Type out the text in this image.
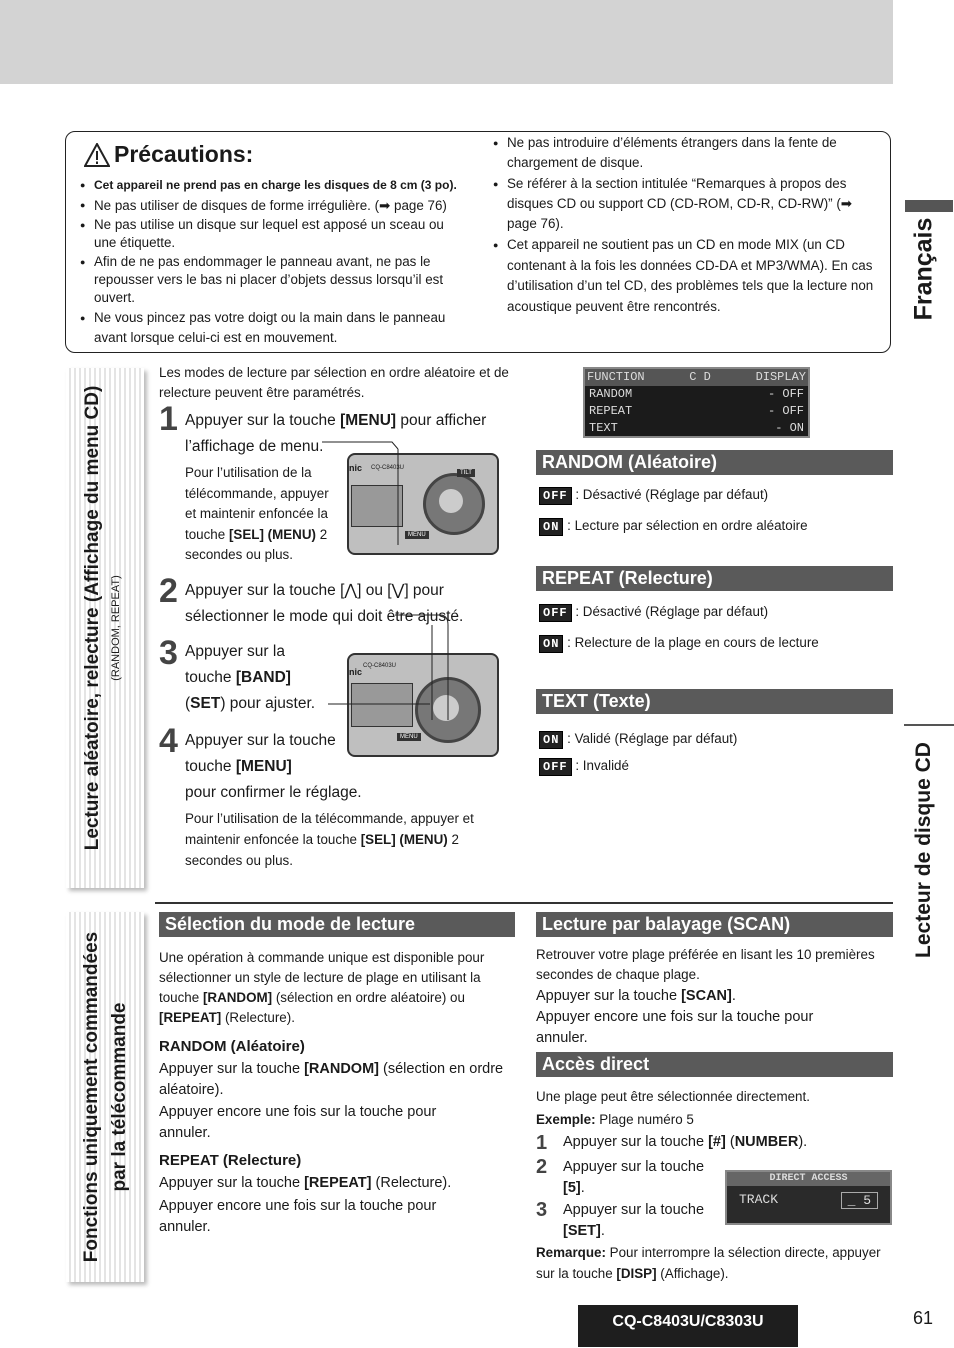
Précautions:
● Cet appareil ne prend pas en charge les disques de 8 cm (3 po).
● Ne pas utiliser de disques de forme irrégulière. (➡ page 76)
● Ne pas utilise un disque sur lequel est apposé un sceau ou une étiquette.
● Afin de ne pas endommager le panneau avant, ne pas le repousser vers le bas ni placer d’objets dessus lorsqu’il est ouvert.
● Ne vous pincez pas votre doigt ou la main dans le panneau avant lorsque celui-ci est en mouvement.
● Ne pas introduire d’éléments étrangers dans la fente de chargement de disque.
● Se référer à la section intitulée “Remarques à propos des disques CD ou support CD (CD-ROM, CD-R, CD-RW)” (➡ page 76).
● Cet appareil ne soutient pas un CD en mode MIX (un CD contenant à la fois les données CD-DA et MP3/WMA). En cas d’utilisation d’un tel CD, des problèmes tels que la lecture non acoustique peuvent être rencontrés.	Français
Lecteur de disque CD
Lecture aléatoire, relecture (Affichage du menu CD) (RANDOM, REPEAT)
Les modes de lecture par sélection en ordre aléatoire et de relecture peuvent être paramétrés.
1 Appuyer sur la touche [MENU] pour afficher l’affichage de menu.
Pour l’utilisation de la télécommande, appuyer et maintenir enfoncée la touche [SEL] (MENU) 2 secondes ou plus.
nic CQ-C8403U
TILT
MENU
2 Appuyer sur la touche [⋀] ou [⋁] pour sélectionner le mode qui doit être ajusté.
3 Appuyer sur la touche [BAND]
(SET) pour ajuster.
nic
CQ-C8403U
MENU
4 Appuyer sur la touche
touche [MENU]
pour confirmer le réglage.
Pour l’utilisation de la télécommande, appuyer et maintenir enfoncée la touche [SEL] (MENU) 2 secondes ou plus.
FUNCTION	C D	DISPLAY
RANDOM	- OFF
REPEAT	- OFF
TEXT	- ON
RANDOM (Aléatoire)
OFF : Désactivé (Réglage par défaut)
ON : Lecture par sélection en ordre aléatoire
REPEAT (Relecture)
OFF : Désactivé (Réglage par défaut)
ON : Relecture de la plage en cours de lecture
TEXT (Texte)
ON : Validé (Réglage par défaut)
OFF : Invalidé
Fonctions uniquement commandées par la télécommande
Sélection du mode de lecture
Une opération à commande unique est disponible pour sélectionner un style de lecture de plage en utilisant la touche [RANDOM] (sélection en ordre aléatoire) ou [REPEAT] (Relecture).
RANDOM (Aléatoire)
Appuyer sur la touche [RANDOM] (sélection en ordre aléatoire).
Appuyer encore une fois sur la touche pour annuler.
REPEAT (Relecture)
Appuyer sur la touche [REPEAT] (Relecture).
Appuyer encore une fois sur la touche pour annuler.
Lecture par balayage (SCAN)
Retrouver votre plage préférée en lisant les 10 premières secondes de chaque plage.
Appuyer sur la touche [SCAN].
Appuyer encore une fois sur la touche pour annuler.
Accès direct
Une plage peut être sélectionnée directement.
Exemple: Plage numéro 5
1 Appuyer sur la touche [#] (NUMBER).
2 Appuyer sur la touche [5].
3 Appuyer sur la touche [SET].
DIRECT ACCESS
TRACK	_ 5
Remarque: Pour interrompre la sélection directe, appuyer sur la touche [DISP] (Affichage).
CQ-C8403U/C8303U	61
